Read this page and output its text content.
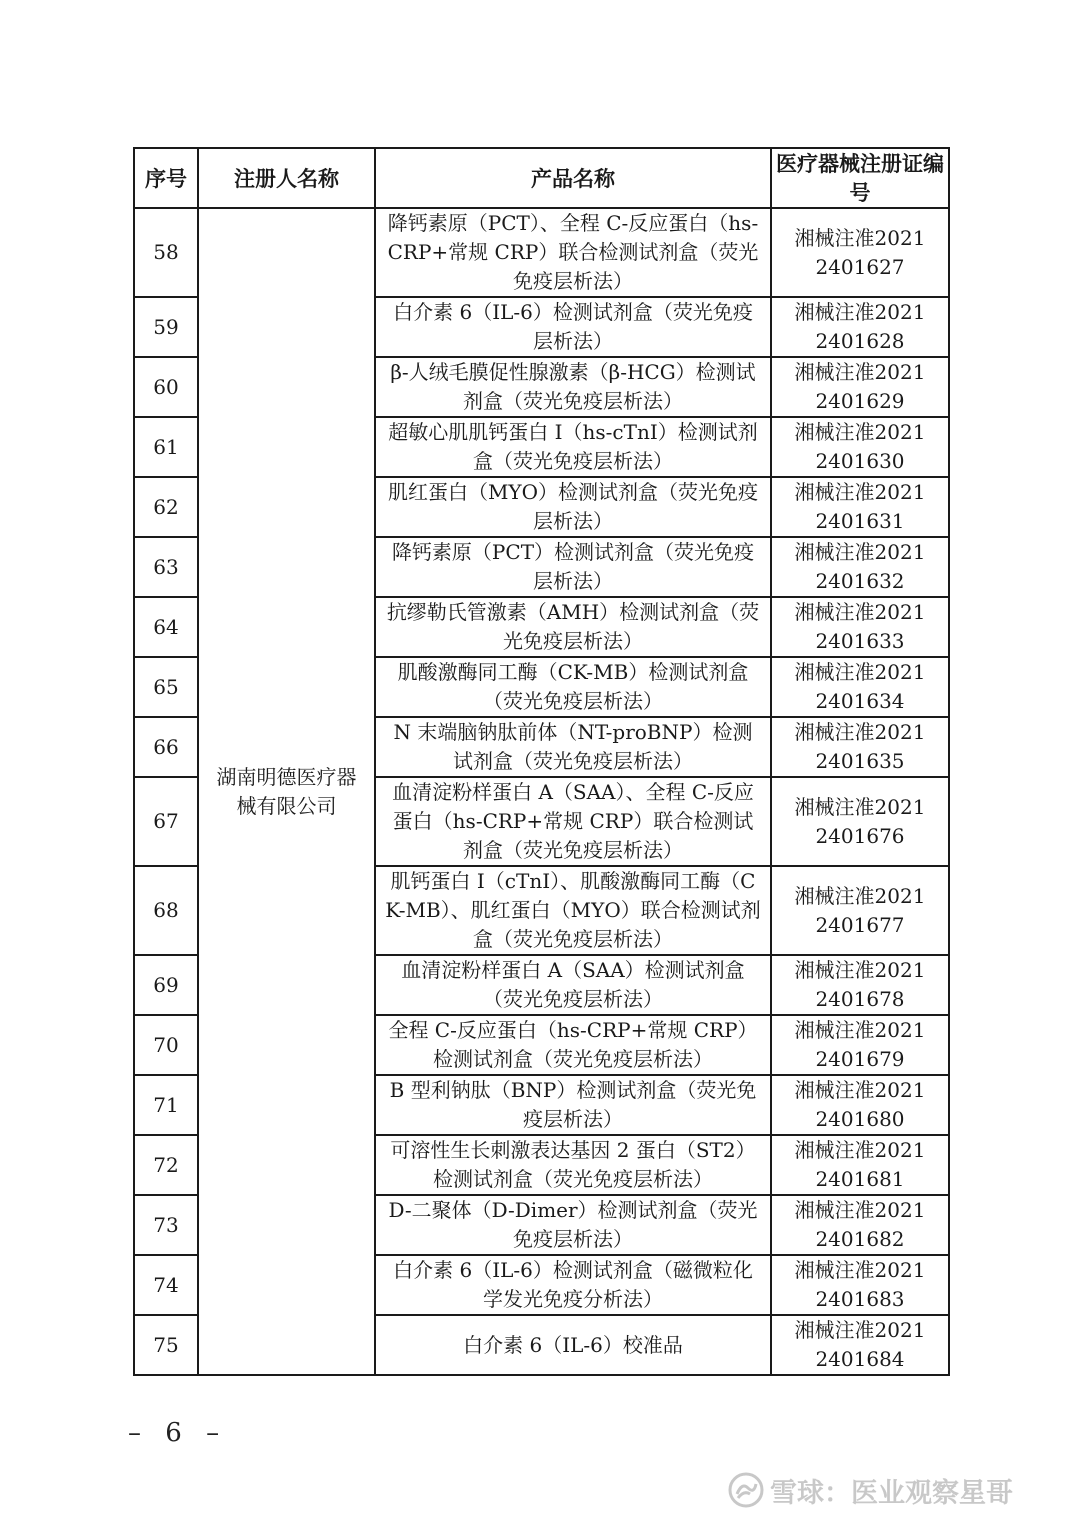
序号	注册人名称	产品名称	医疗器械注册证编号
58	湖南明德医疗器械有限公司	降钙素原（PCT）、全程 C-反应蛋白（hs-CRP+常规 CRP）联合检测试剂盒（荧光免疫层析法）	湘械注准20212401627
59		白介素 6（IL-6）检测试剂盒（荧光免疫层析法）	湘械注准20212401628
60		β-人绒毛膜促性腺激素（β-HCG）检测试剂盒（荧光免疫层析法）	湘械注准20212401629
61		超敏心肌肌钙蛋白 I（hs-cTnI）检测试剂盒（荧光免疫层析法）	湘械注准20212401630
62		肌红蛋白（MYO）检测试剂盒（荧光免疫层析法）	湘械注准20212401631
63		降钙素原（PCT）检测试剂盒（荧光免疫层析法）	湘械注准20212401632
64		抗缪勒氏管激素（AMH）检测试剂盒（荧光免疫层析法）	湘械注准20212401633
65		肌酸激酶同工酶（CK-MB）检测试剂盒（荧光免疫层析法）	湘械注准20212401634
66		N 末端脑钠肽前体（NT-proBNP）检测试剂盒（荧光免疫层析法）	湘械注准20212401635
67		血清淀粉样蛋白 A（SAA）、全程 C-反应蛋白（hs-CRP+常规 CRP）联合检测试剂盒（荧光免疫层析法）	湘械注准20212401676
68		肌钙蛋白 I（cTnI）、肌酸激酶同工酶（CK-MB）、肌红蛋白（MYO）联合检测试剂盒（荧光免疫层析法）	湘械注准20212401677
69		血清淀粉样蛋白 A（SAA）检测试剂盒（荧光免疫层析法）	湘械注准20212401678
70		全程 C-反应蛋白（hs-CRP+常规 CRP）检测试剂盒（荧光免疫层析法）	湘械注准20212401679
71		B 型利钠肽（BNP）检测试剂盒（荧光免疫层析法）	湘械注准20212401680
72		可溶性生长刺激表达基因 2 蛋白（ST2）检测试剂盒（荧光免疫层析法）	湘械注准20212401681
73		D-二聚体（D-Dimer）检测试剂盒（荧光免疫层析法）	湘械注准20212401682
74		白介素 6（IL-6）检测试剂盒（磁微粒化学发光免疫分析法）	湘械注准20212401683
75		白介素 6（IL-6）校准品	湘械注准20212401684
– 6 –
雪球：医业观察星哥
